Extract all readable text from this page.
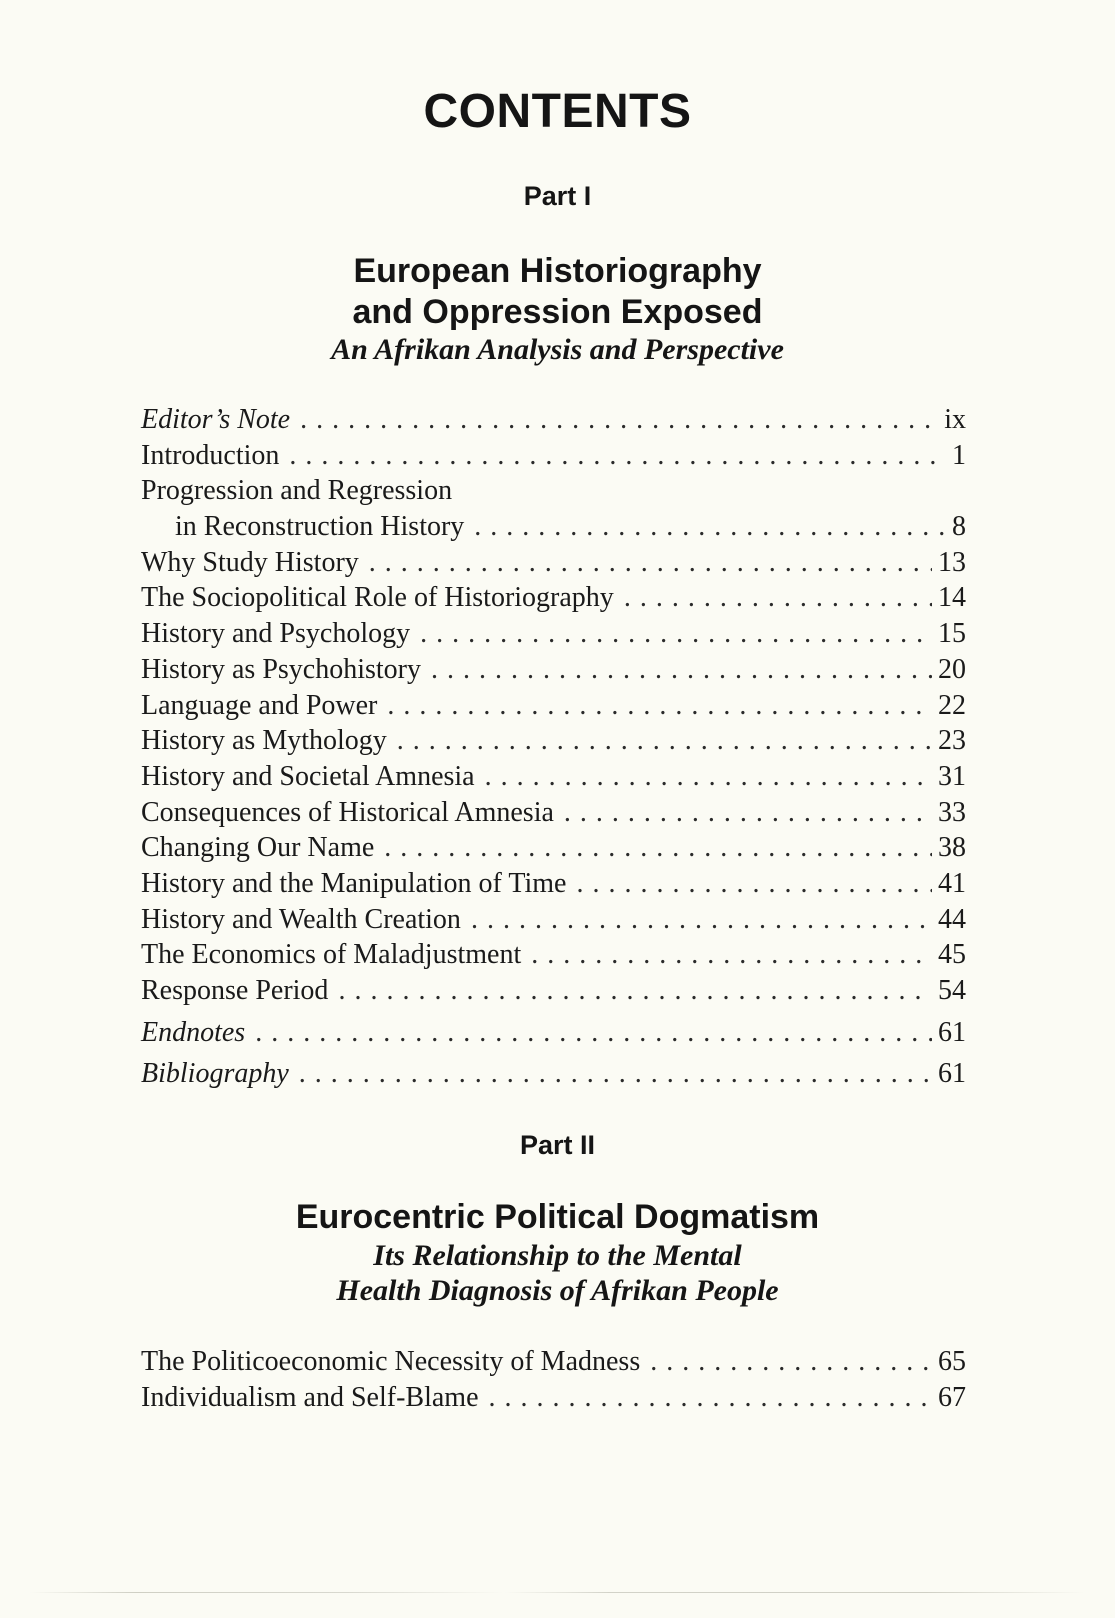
CONTENTS
Part I
European Historiography
and Oppression Exposed
An Afrikan Analysis and Perspective
Editor’s Note . . .	ix
Introduction . . .	1
Progression and Regression
in Reconstruction History . . .	8
Why Study History . . .	13
The Sociopolitical Role of Historiography . . .	14
History and Psychology . . .	15
History as Psychohistory . . .	20
Language and Power . . .	22
History as Mythology . . .	23
History and Societal Amnesia . . .	31
Consequences of Historical Amnesia . . .	33
Changing Our Name . . .	38
History and the Manipulation of Time . . .	41
History and Wealth Creation . . .	44
The Economics of Maladjustment . . .	45
Response Period . . .	54
Endnotes . . .	61
Bibliography . . .	61
Part II
Eurocentric Political Dogmatism
Its Relationship to the Mental
Health Diagnosis of Afrikan People
The Politicoeconomic Necessity of Madness . . .	65
Individualism and Self-Blame . . .	67
